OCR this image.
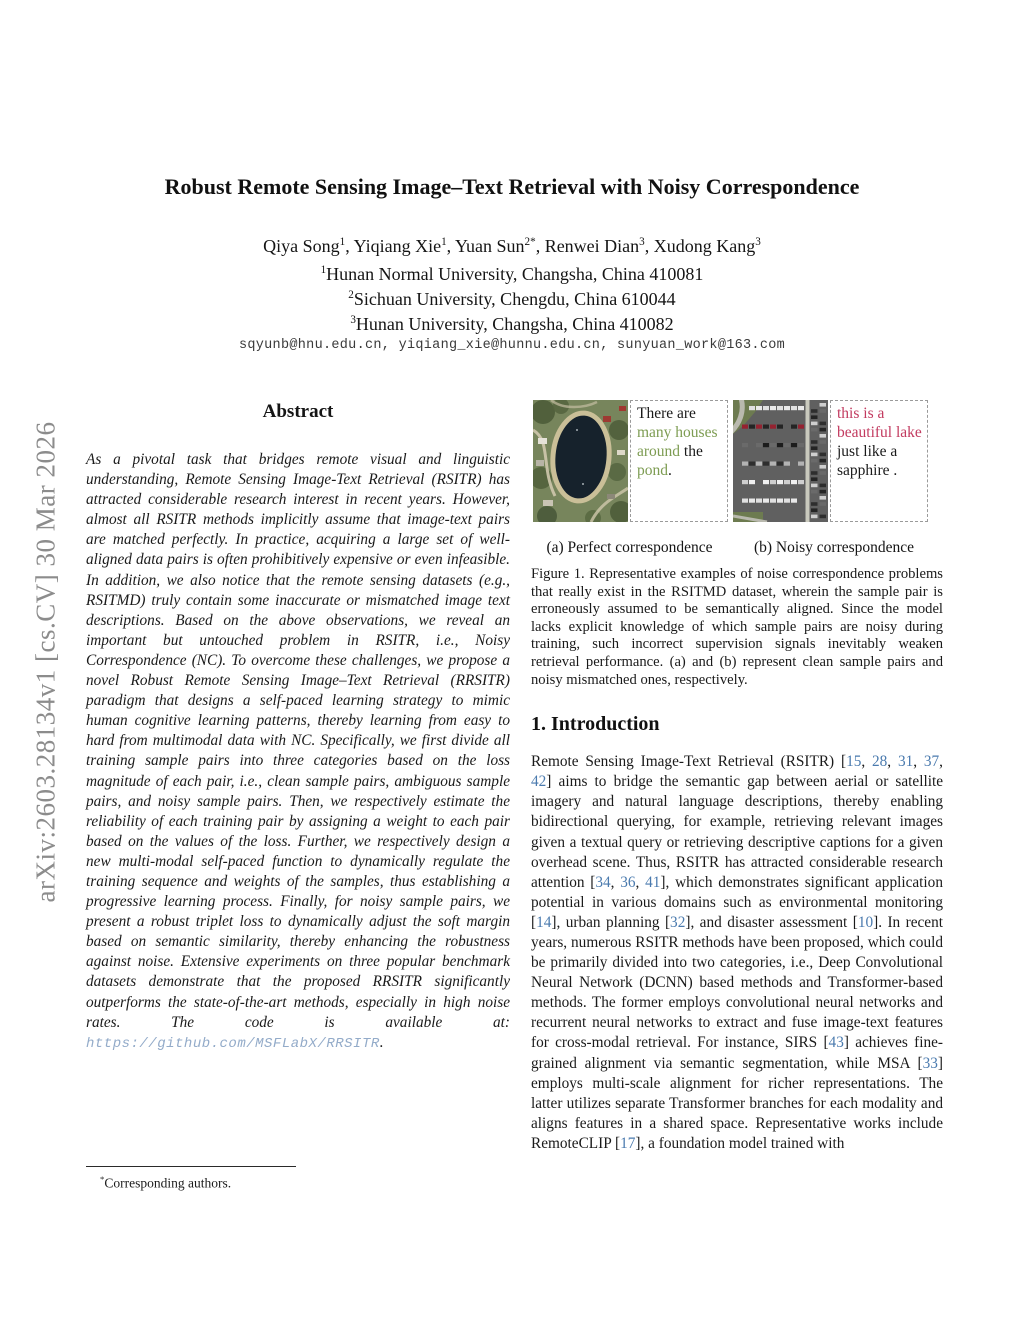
arXiv:2603.28134v1 [cs.CV] 30 Mar 2026
Robust Remote Sensing Image–Text Retrieval with Noisy Correspondence
Qiya Song$^1$, Yiqiang Xie$^1$, Yuan Sun$^{2*}$, Renwei Dian$^3$, Xudong Kang$^3$
$^1$Hunan Normal University, Changsha, China 410081
$^2$Sichuan University, Chengdu, China 610044
$^3$Hunan University, Changsha, China 410082
sqyunb@hnu.edu.cn, yiqiang_xie@hunnu.edu.cn, sunyuan_work@163.com
Abstract

As a pivotal task that bridges remote visual and linguistic understanding, Remote Sensing Image-Text Retrieval (RSITR) has attracted considerable research interest in recent years. However, almost all RSITR methods implicitly assume that image-text pairs are matched perfectly. In practice, acquiring a large set of well-aligned data pairs is often prohibitively expensive or even infeasible. In addition, we also notice that the remote sensing datasets (e.g., RSITMD) truly contain some inaccurate or mismatched image text descriptions. Based on the above observations, we reveal an important but untouched problem in RSITR, i.e., Noisy Correspondence (NC). To overcome these challenges, we propose a novel Robust Remote Sensing Image–Text Retrieval (RRSITR) paradigm that designs a self-paced learning strategy to mimic human cognitive learning patterns, thereby learning from easy to hard from multimodal data with NC. Specifically, we first divide all training sample pairs into three categories based on the loss magnitude of each pair, i.e., clean sample pairs, ambiguous sample pairs, and noisy sample pairs. Then, we respectively estimate the reliability of each training pair by assigning a weight to each pair based on the values of the loss. Further, we respectively design a new multi-modal self-paced function to dynamically regulate the training sequence and weights of the samples, thus establishing a progressive learning process. Finally, for noisy sample pairs, we present a robust triplet loss to dynamically adjust the soft margin based on semantic similarity, thereby enhancing the robustness against noise. Extensive experiments on three popular benchmark datasets demonstrate that the proposed RRSITR significantly outperforms the state-of-the-art methods, especially in high noise rates. The code is available at: https://github.com/MSFLabX/RRSITR.

There are many houses around the pond.
this is a beautiful lake just like a sapphire .
(a) Perfect correspondence	(b) Noisy correspondence

Figure 1. Representative examples of noise correspondence problems that really exist in the RSITMD dataset, wherein the sample pair is erroneously assumed to be semantically aligned. Since the model lacks explicit knowledge of which sample pairs are noisy during training, such incorrect supervision signals inevitably weaken retrieval performance. (a) and (b) represent clean sample pairs and noisy mismatched ones, respectively.

1. Introduction

Remote Sensing Image-Text Retrieval (RSITR) [15, 28, 31, 37, 42] aims to bridge the semantic gap between aerial or satellite imagery and natural language descriptions, thereby enabling bidirectional querying, for example, retrieving relevant images given a textual query or retrieving descriptive captions for a given overhead scene. Thus, RSITR has attracted considerable research attention [34, 36, 41], which demonstrates significant application potential in various domains such as environmental monitoring [14], urban planning [32], and disaster assessment [10]. In recent years, numerous RSITR methods have been proposed, which could be primarily divided into two categories, i.e., Deep Convolutional Neural Network (DCNN) based methods and Transformer-based methods. The former employs convolutional neural networks and recurrent neural networks to extract and fuse image-text features for cross-modal retrieval. For instance, SIRS [43] achieves fine-grained alignment via semantic segmentation, while MSA [33] employs multi-scale alignment for richer representations. The latter utilizes separate Transformer branches for each modality and aligns features in a shared space. Representative works include RemoteCLIP [17], a foundation model trained with

*Corresponding authors.
